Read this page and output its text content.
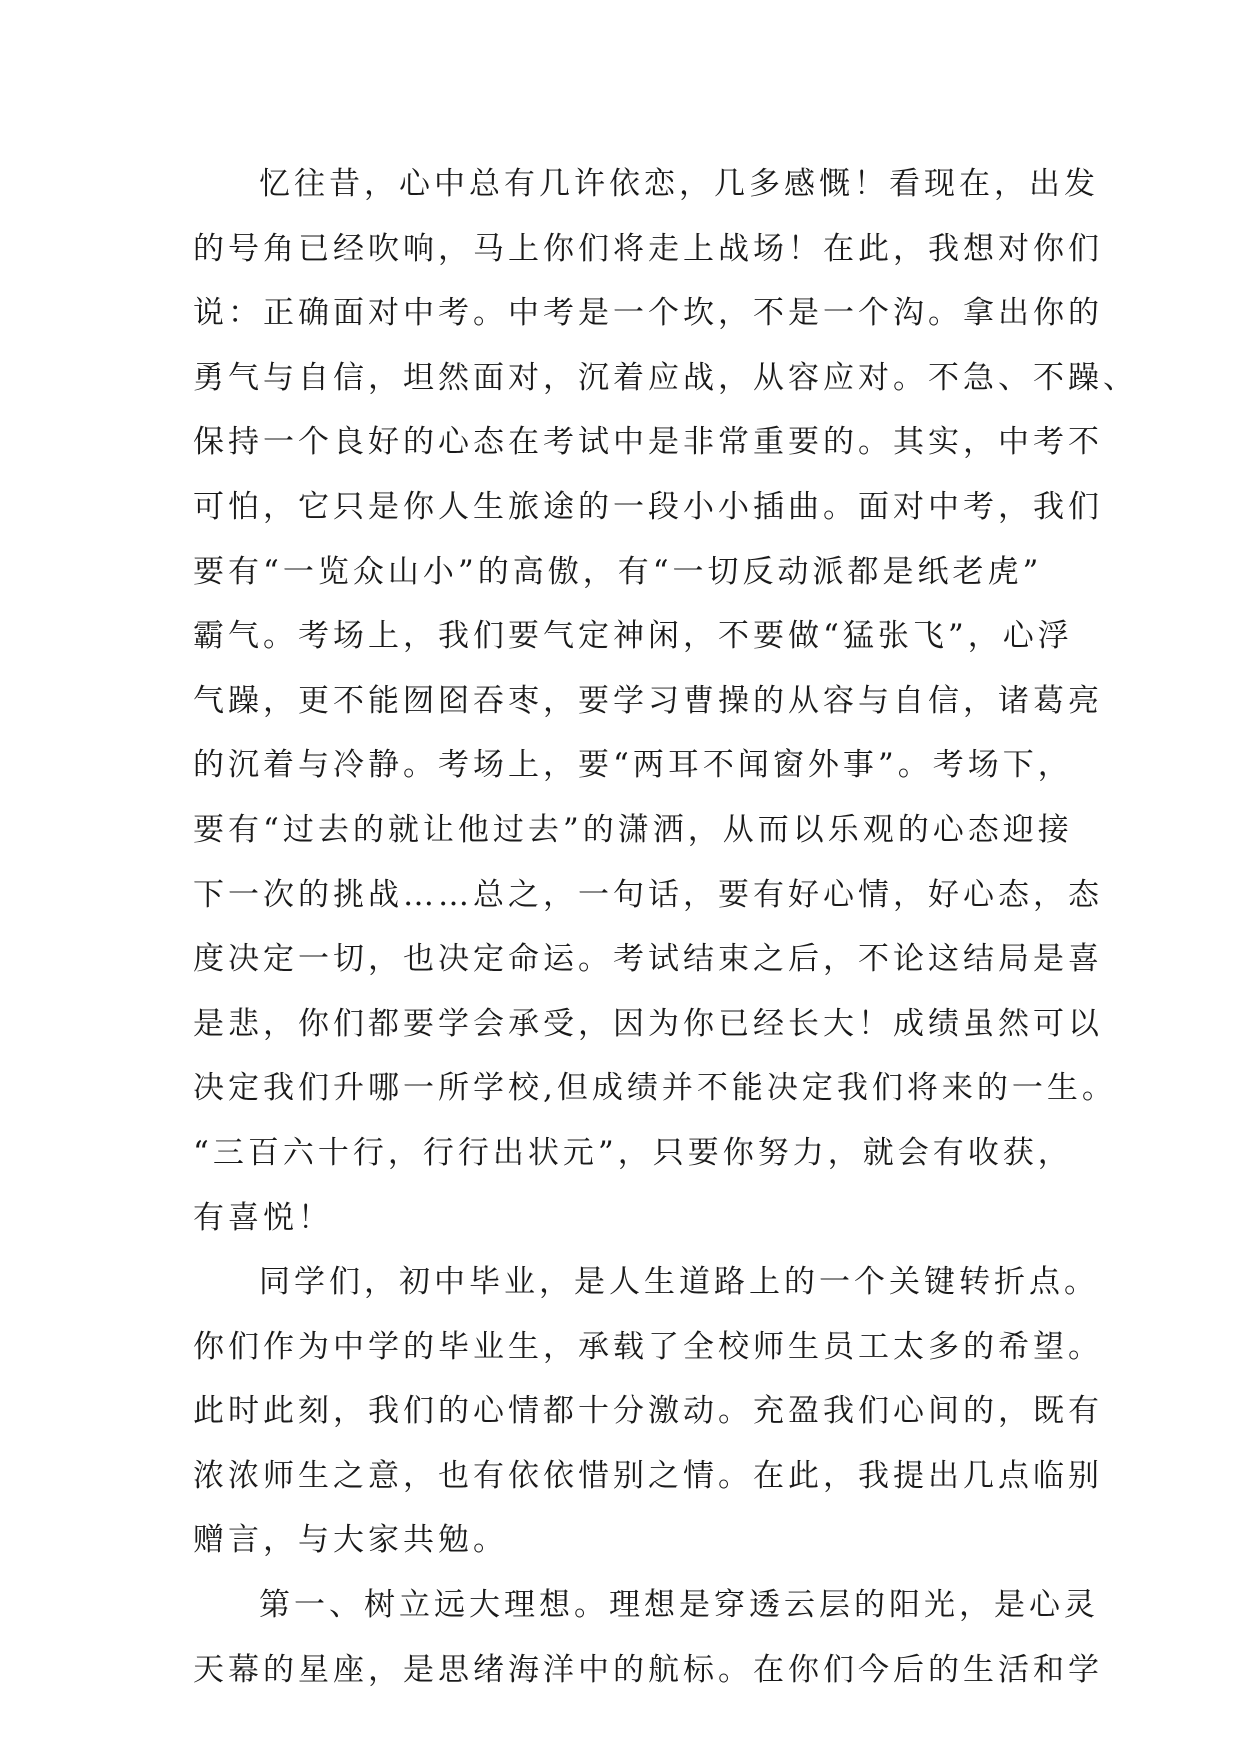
忆往昔，心中总有几许依恋，几多感慨！看现在，出发
的号角已经吹响，马上你们将走上战场！在此，我想对你们
说：正确面对中考。中考是一个坎，不是一个沟。拿出你的
勇气与自信，坦然面对，沉着应战，从容应对。不急、不躁、
保持一个良好的心态在考试中是非常重要的。其实，中考不
可怕，它只是你人生旅途的一段小小插曲。面对中考，我们
要有“一览众山小”的高傲，有“一切反动派都是纸老虎”
霸气。考场上，我们要气定神闲，不要做“猛张飞”，心浮
气躁，更不能囫囵吞枣，要学习曹操的从容与自信，诸葛亮
的沉着与冷静。考场上，要“两耳不闻窗外事”。考场下，
要有“过去的就让他过去”的潇洒，从而以乐观的心态迎接
下一次的挑战……总之，一句话，要有好心情，好心态，态
度决定一切，也决定命运。考试结束之后，不论这结局是喜
是悲，你们都要学会承受，因为你已经长大！成绩虽然可以
决定我们升哪一所学校,但成绩并不能决定我们将来的一生。
“三百六十行，行行出状元”，只要你努力，就会有收获，
有喜悦！
同学们，初中毕业，是人生道路上的一个关键转折点。
你们作为中学的毕业生，承载了全校师生员工太多的希望。
此时此刻，我们的心情都十分激动。充盈我们心间的，既有
浓浓师生之意，也有依依惜别之情。在此，我提出几点临别
赠言，与大家共勉。
第一、树立远大理想。理想是穿透云层的阳光，是心灵
天幕的星座，是思绪海洋中的航标。在你们今后的生活和学
